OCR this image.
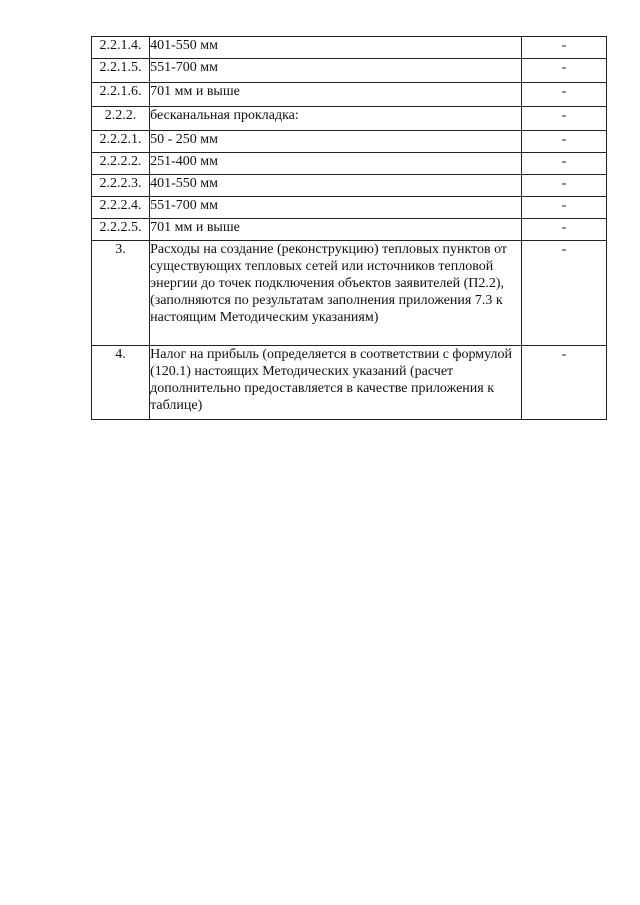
2.2.1.4.	401-550 мм	-
2.2.1.5.	551-700 мм	-
2.2.1.6.	701 мм и выше	-
2.2.2.	бесканальная прокладка:	-
2.2.2.1.	50 - 250 мм	-
2.2.2.2.	251-400 мм	-
2.2.2.3.	401-550 мм	-
2.2.2.4.	551-700 мм	-
2.2.2.5.	701 мм и выше	-
3.	Расходы на создание (реконструкцию) тепловых пунктов от существующих тепловых сетей или источников тепловой энергии до точек подключения объектов заявителей (П2.2), (заполняются по результатам заполнения приложения 7.3 к настоящим Методическим указаниям)	-
4.	Налог на прибыль (определяется в соответствии с формулой (120.1) настоящих Методических указаний (расчет дополнительно предоставляется в качестве приложения к таблице)	-
